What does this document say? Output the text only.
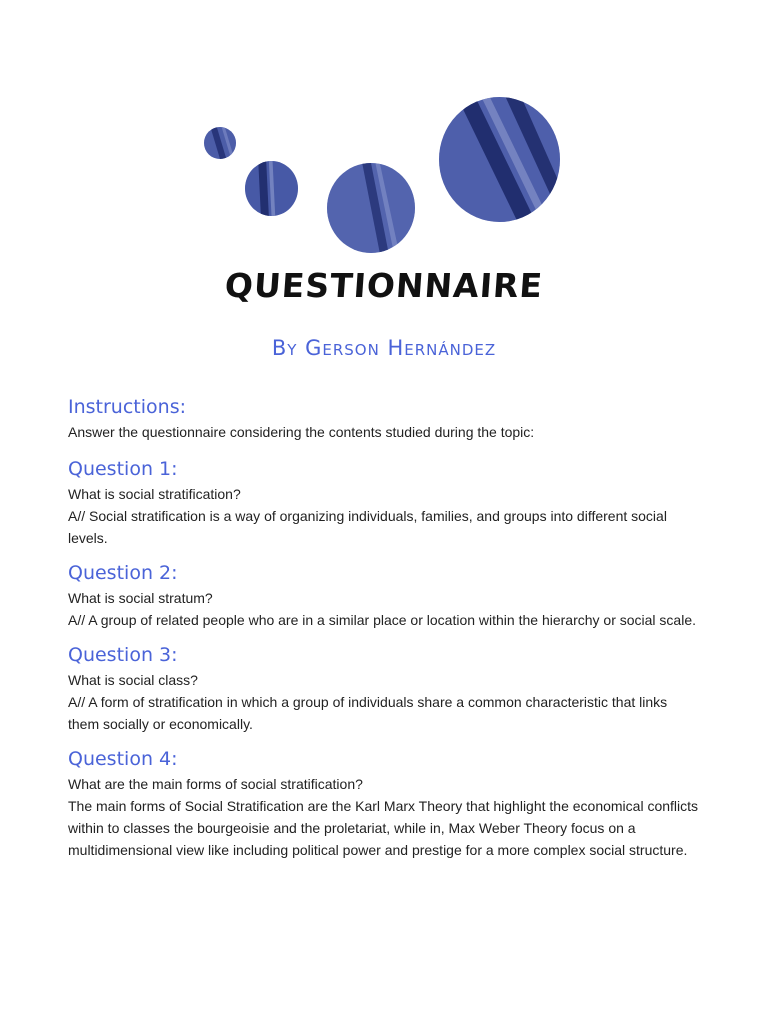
QUESTIONNAIRE
By Gerson Hernández

Instructions:

Answer the questionnaire considering the contents studied during the topic:

Question 1:

What is social stratification?

A// Social stratification is a way of organizing individuals, families, and groups into different social levels.

Question 2:

What is social stratum?

A// A group of related people who are in a similar place or location within the hierarchy or social scale.

Question 3:

What is social class?

A// A form of stratification in which a group of individuals share a common characteristic that links them socially or economically.

Question 4:

What are the main forms of social stratification?

The main forms of Social Stratification are the Karl Marx Theory that highlight the economical conflicts within to classes the bourgeoisie and the proletariat, while in, Max Weber Theory focus on a multidimensional view like including political power and prestige for a more complex social structure.
